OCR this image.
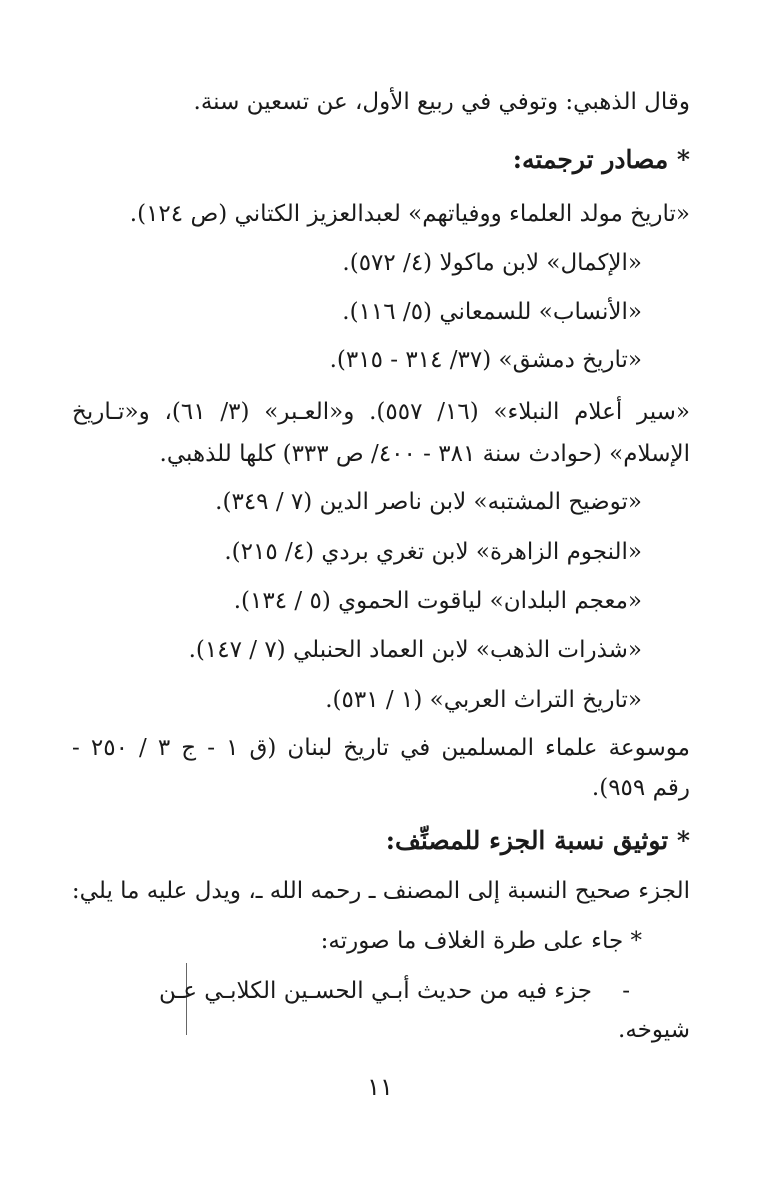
وقال الذهبي: وتوفي في ربيع الأول، عن تسعين سنة.
* مصادر ترجمته:
«تاريخ مولد العلماء ووفياتهم» لعبدالعزيز الكتاني (ص ١٢٤).
«الإكمال» لابن ماكولا (٤/ ٥٧٢).
«الأنساب» للسمعاني (٥/ ١١٦).
«تاريخ دمشق» (٣٧/ ٣١٤ - ٣١٥).
«سير أعلام النبلاء» (١٦/ ٥٥٧). و«العـبر» (٣/ ٦١)، و«تـاريخ
الإسلام» (حوادث سنة ٣٨١ - ٤٠٠/ ص ٣٣٣) كلها للذهبي.
«توضيح المشتبه» لابن ناصر الدين (٧ / ٣٤٩).
«النجوم الزاهرة» لابن تغري بردي (٤/ ٢١٥).
«معجم البلدان» لياقوت الحموي (٥ / ١٣٤).
«شذرات الذهب» لابن العماد الحنبلي (٧ / ١٤٧).
«تاريخ التراث العربي» (١ / ٥٣١).
موسوعة علماء المسلمين في تاريخ لبنان (ق ١ - ج ٣ / ٢٥٠ -
رقم ٩٥٩).
* توثيق نسبة الجزء للمصنِّف:
الجزء صحيح النسبة إلى المصنف ـ رحمه الله ـ، ويدل عليه ما يلي:
* جاء على طرة الغلاف ما صورته:
-
جزء فيه من حديث أبـي الحسـين الكلابـي عـن
شيوخه.
١١
